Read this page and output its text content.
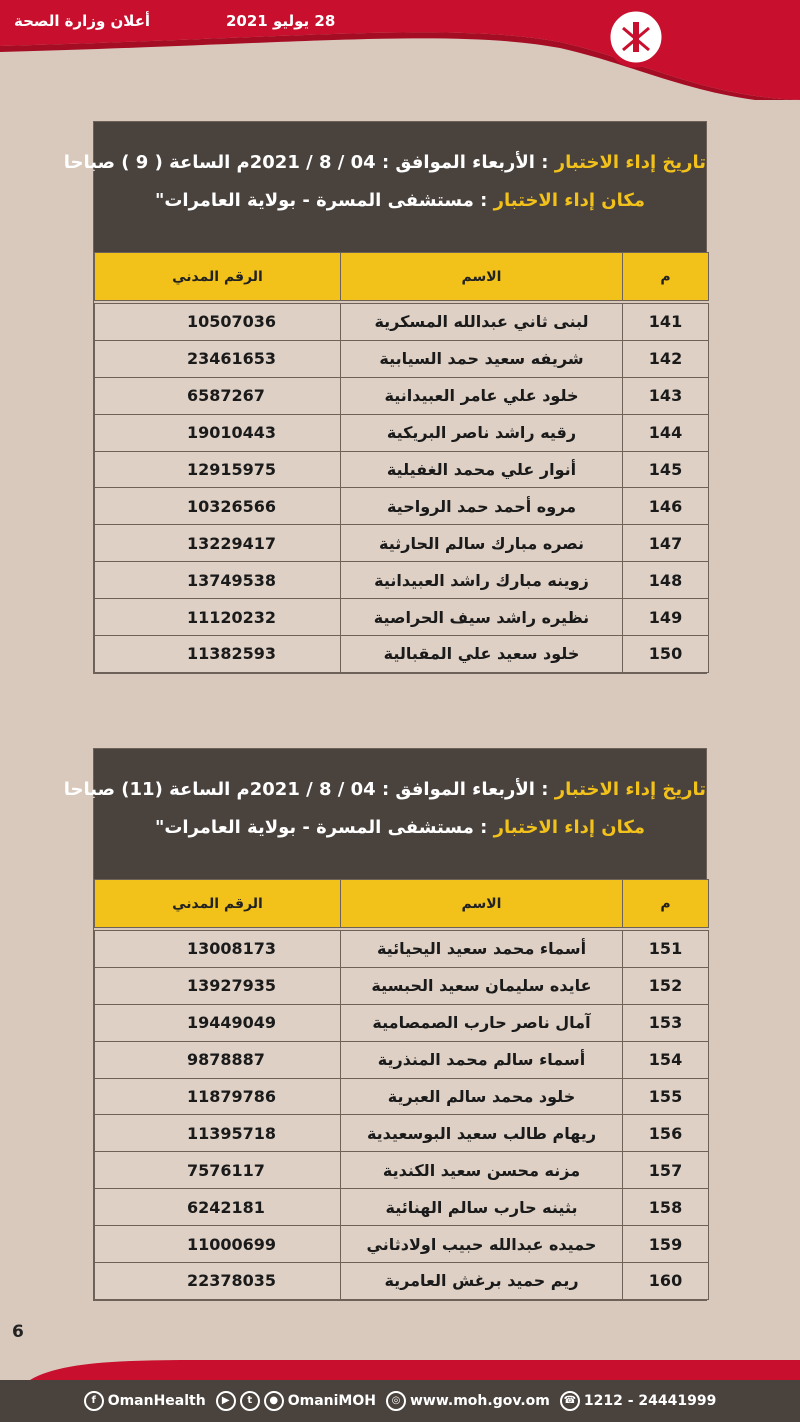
أعلان وزارة الصحة	28 يوليو 2021
سلطنة عمان
وزارة الصحة
تاريخ إداء الاختبار : الأربعاء الموافق : 04 / 8 / 2021م الساعة ( 9 ) صباحا
مكان إداء الاختبار : مستشفى المسرة - بولاية العامرات"
م	الاسم	الرقم المدني

141	لبنى ثاني عبدالله المسكرية	10507036
142	شريفه سعيد حمد السيابية	23461653
143	خلود علي عامر العبيدانية	6587267
144	رقيه راشد ناصر البريكية	19010443
145	أنوار علي محمد الغفيلية	12915975
146	مروه أحمد حمد الرواحية	10326566
147	نصره مبارك سالم الحارثية	13229417
148	زوينه مبارك راشد العبيدانية	13749538
149	نظيره راشد سيف الحراصية	11120232
150	خلود سعيد علي المقبالية	11382593
تاريخ إداء الاختبار : الأربعاء الموافق : 04 / 8 / 2021م الساعة (11) صباحا
مكان إداء الاختبار : مستشفى المسرة - بولاية العامرات"
م	الاسم	الرقم المدني

151	أسماء محمد سعيد اليحيائية	13008173
152	عايده سليمان سعيد الحبسية	13927935
153	آمال ناصر حارب الصمصامية	19449049
154	أسماء سالم محمد المنذرية	9878887
155	خلود محمد سالم العبرية	11879786
156	ريهام طالب سعيد البوسعيدية	11395718
157	مزنه محسن سعيد الكندية	7576117
158	بثينه حارب سالم الهنائية	6242181
159	حميده عبدالله حبيب اولادثاني	11000699
160	ريم حميد برغش العامرية	22378035
6
f OmanHealth	▶	t	● OmaniMOH	◎ www.moh.gov.om	☎ 1212 - 24441999
